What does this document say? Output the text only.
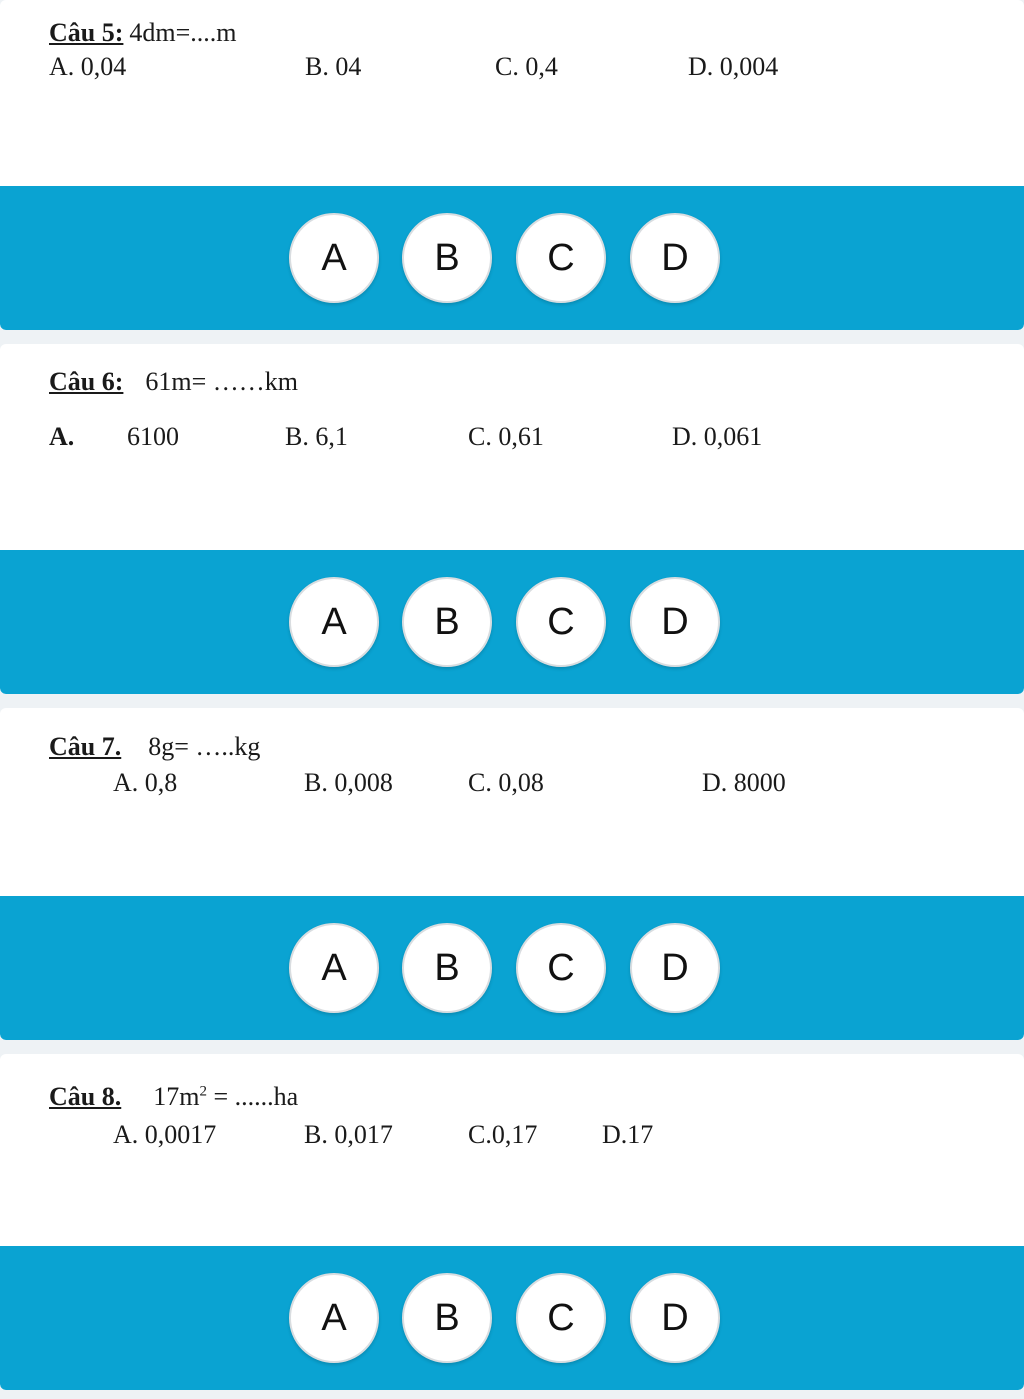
Câu 5: 4dm=....m
A. 0,04	B. 04	C. 0,4	D. 0,004
A	B	C	D
Câu 6: 61m= ……km
A. 6100	B. 6,1	C. 0,61	D. 0,061
A	B	C	D
Câu 7. 8g= …..kg
A. 0,8	B. 0,008	C. 0,08	D. 8000
A	B	C	D
Câu 8. $17m^2 = ......ha$
A. 0,0017	B. 0,017	C.0,17 D.17
A	B	C	D
